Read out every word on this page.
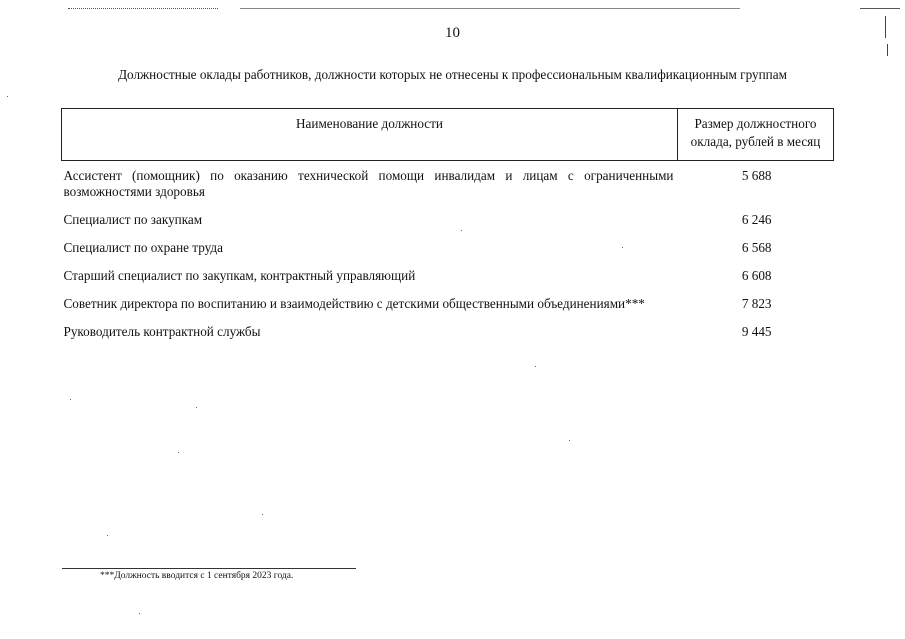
10
Должностные оклады работников, должности которых не отнесены к профессиональным квалификационным группам
Наименование должности	Размер должностного оклада, рублей в месяц
Ассистент (помощник) по оказанию технической помощи инвалидам и лицам с ограниченными возможностями здоровья	5 688
Специалист по закупкам	6 246
Специалист по охране труда	6 568
Старший специалист по закупкам, контрактный управляющий	6 608
Советник директора по воспитанию и взаимодействию с детскими общественными объединениями***	7 823
Руководитель контрактной службы	9 445
***Должность вводится с 1 сентября 2023 года.
